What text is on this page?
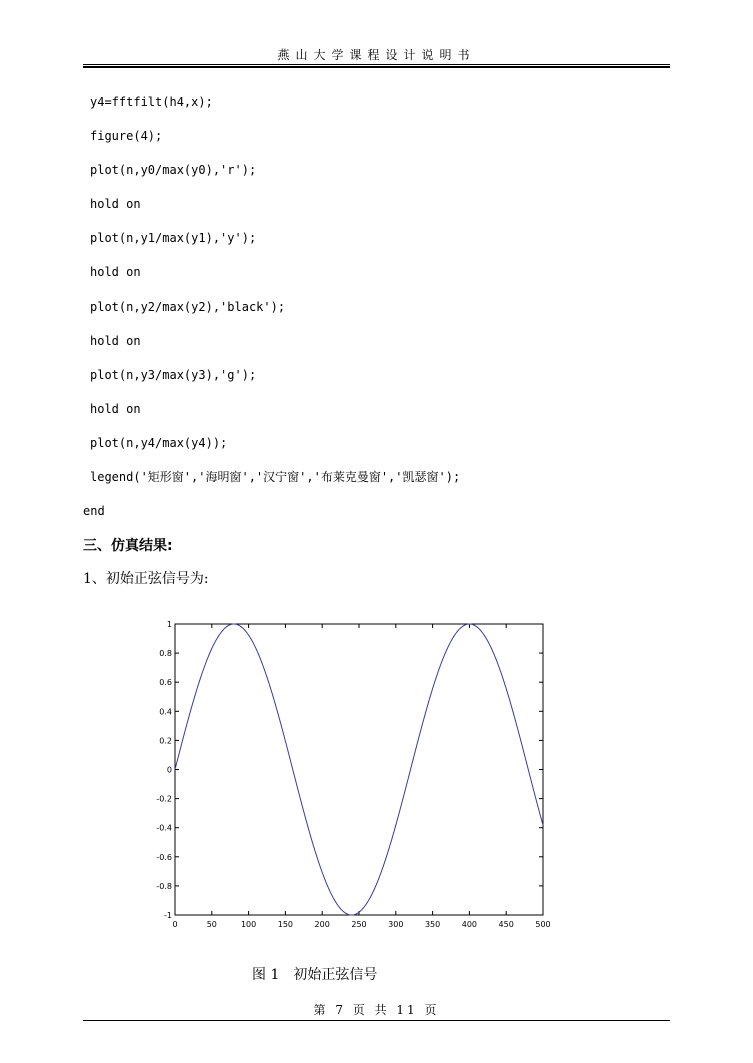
燕山大学课程设计说明书
y4=fftfilt(h4,x);
figure(4);
plot(n,y0/max(y0),'r');
hold on
plot(n,y1/max(y1),'y');
hold on
plot(n,y2/max(y2),'black');
hold on
plot(n,y3/max(y3),'g');
hold on
plot(n,y4/max(y4));
legend('矩形窗','海明窗','汉宁窗','布莱克曼窗','凯瑟窗');
end
三、仿真结果:
1、初始正弦信号为:
0	50	100	150	200	250	300	350	400	450	500
-1
-0.8
-0.6
-0.4
-0.2
0
0.2
0.4
0.6
0.8
1
图 1 初始正弦信号
第 7 页 共 11 页
